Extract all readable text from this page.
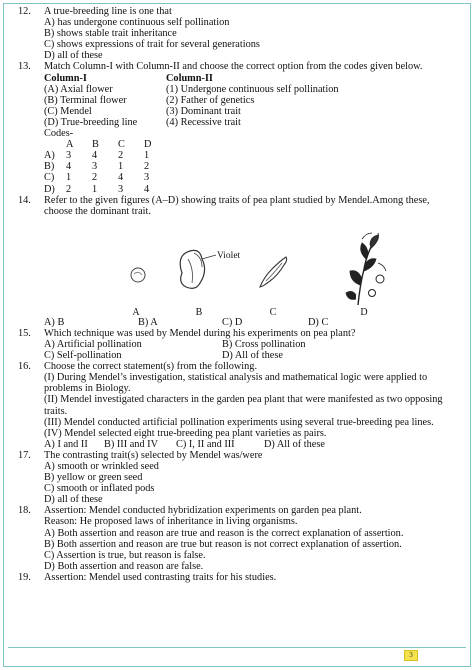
12. A true-breeding line is one that
A) has undergone continuous self pollination
B) shows stable trait inheritance
C) shows expressions of trait for several generations
D) all of these
13. Match Column-I with Column-II and choose the correct option from the codes given below.
Column-I	Column-II
(A) Axial flower	(1) Undergone continuous self pollination
(B) Terminal flower	(2) Father of genetics
(C) Mendel	(3) Dominant trait
(D) True-breeding line	(4) Recessive trait
Codes-
A	B	C	D
A)	3	4	2	1
B)	4	3	1	2
C)	1	2	4	3
D)	2	1	3	4
14. Refer to the given figures (A–D) showing traits of pea plant studied by Mendel.Among these, choose the dominant trait.
Violet
A	B	C	D
A) B	B) A	C) D	D) C
15. Which technique was used by Mendel during his experiments on pea plant?
A) Artificial pollination	B) Cross pollination
C) Self-pollination	D) All of these
16. Choose the correct statement(s) from the following.
(I) During Mendel’s investigation, statistical analysis and mathematical logic were applied to problems in Biology.
(II) Mendel investigated characters in the garden pea plant that were manifested as two opposing traits.
(III) Mendel conducted artificial pollination experiments using several true-breeding pea lines.
(IV) Mendel selected eight true-breeding pea plant varieties as pairs.
A) I and II	B) III and IV	C) I, II and III	D) All of these
17. The contrasting trait(s) selected by Mendel was/were
A) smooth or wrinkled seed
B) yellow or green seed
C) smooth or inflated pods
D) all of these
18. Assertion: Mendel conducted hybridization experiments on garden pea plant.
Reason: He proposed laws of inheritance in living organisms.
A) Both assertion and reason are true and reason is the correct explanation of assertion.
B) Both assertion and reason are true but reason is not correct explanation of assertion.
C) Assertion is true, but reason is false.
D) Both assertion and reason are false.
19. Assertion: Mendel used contrasting traits for his studies.
3
